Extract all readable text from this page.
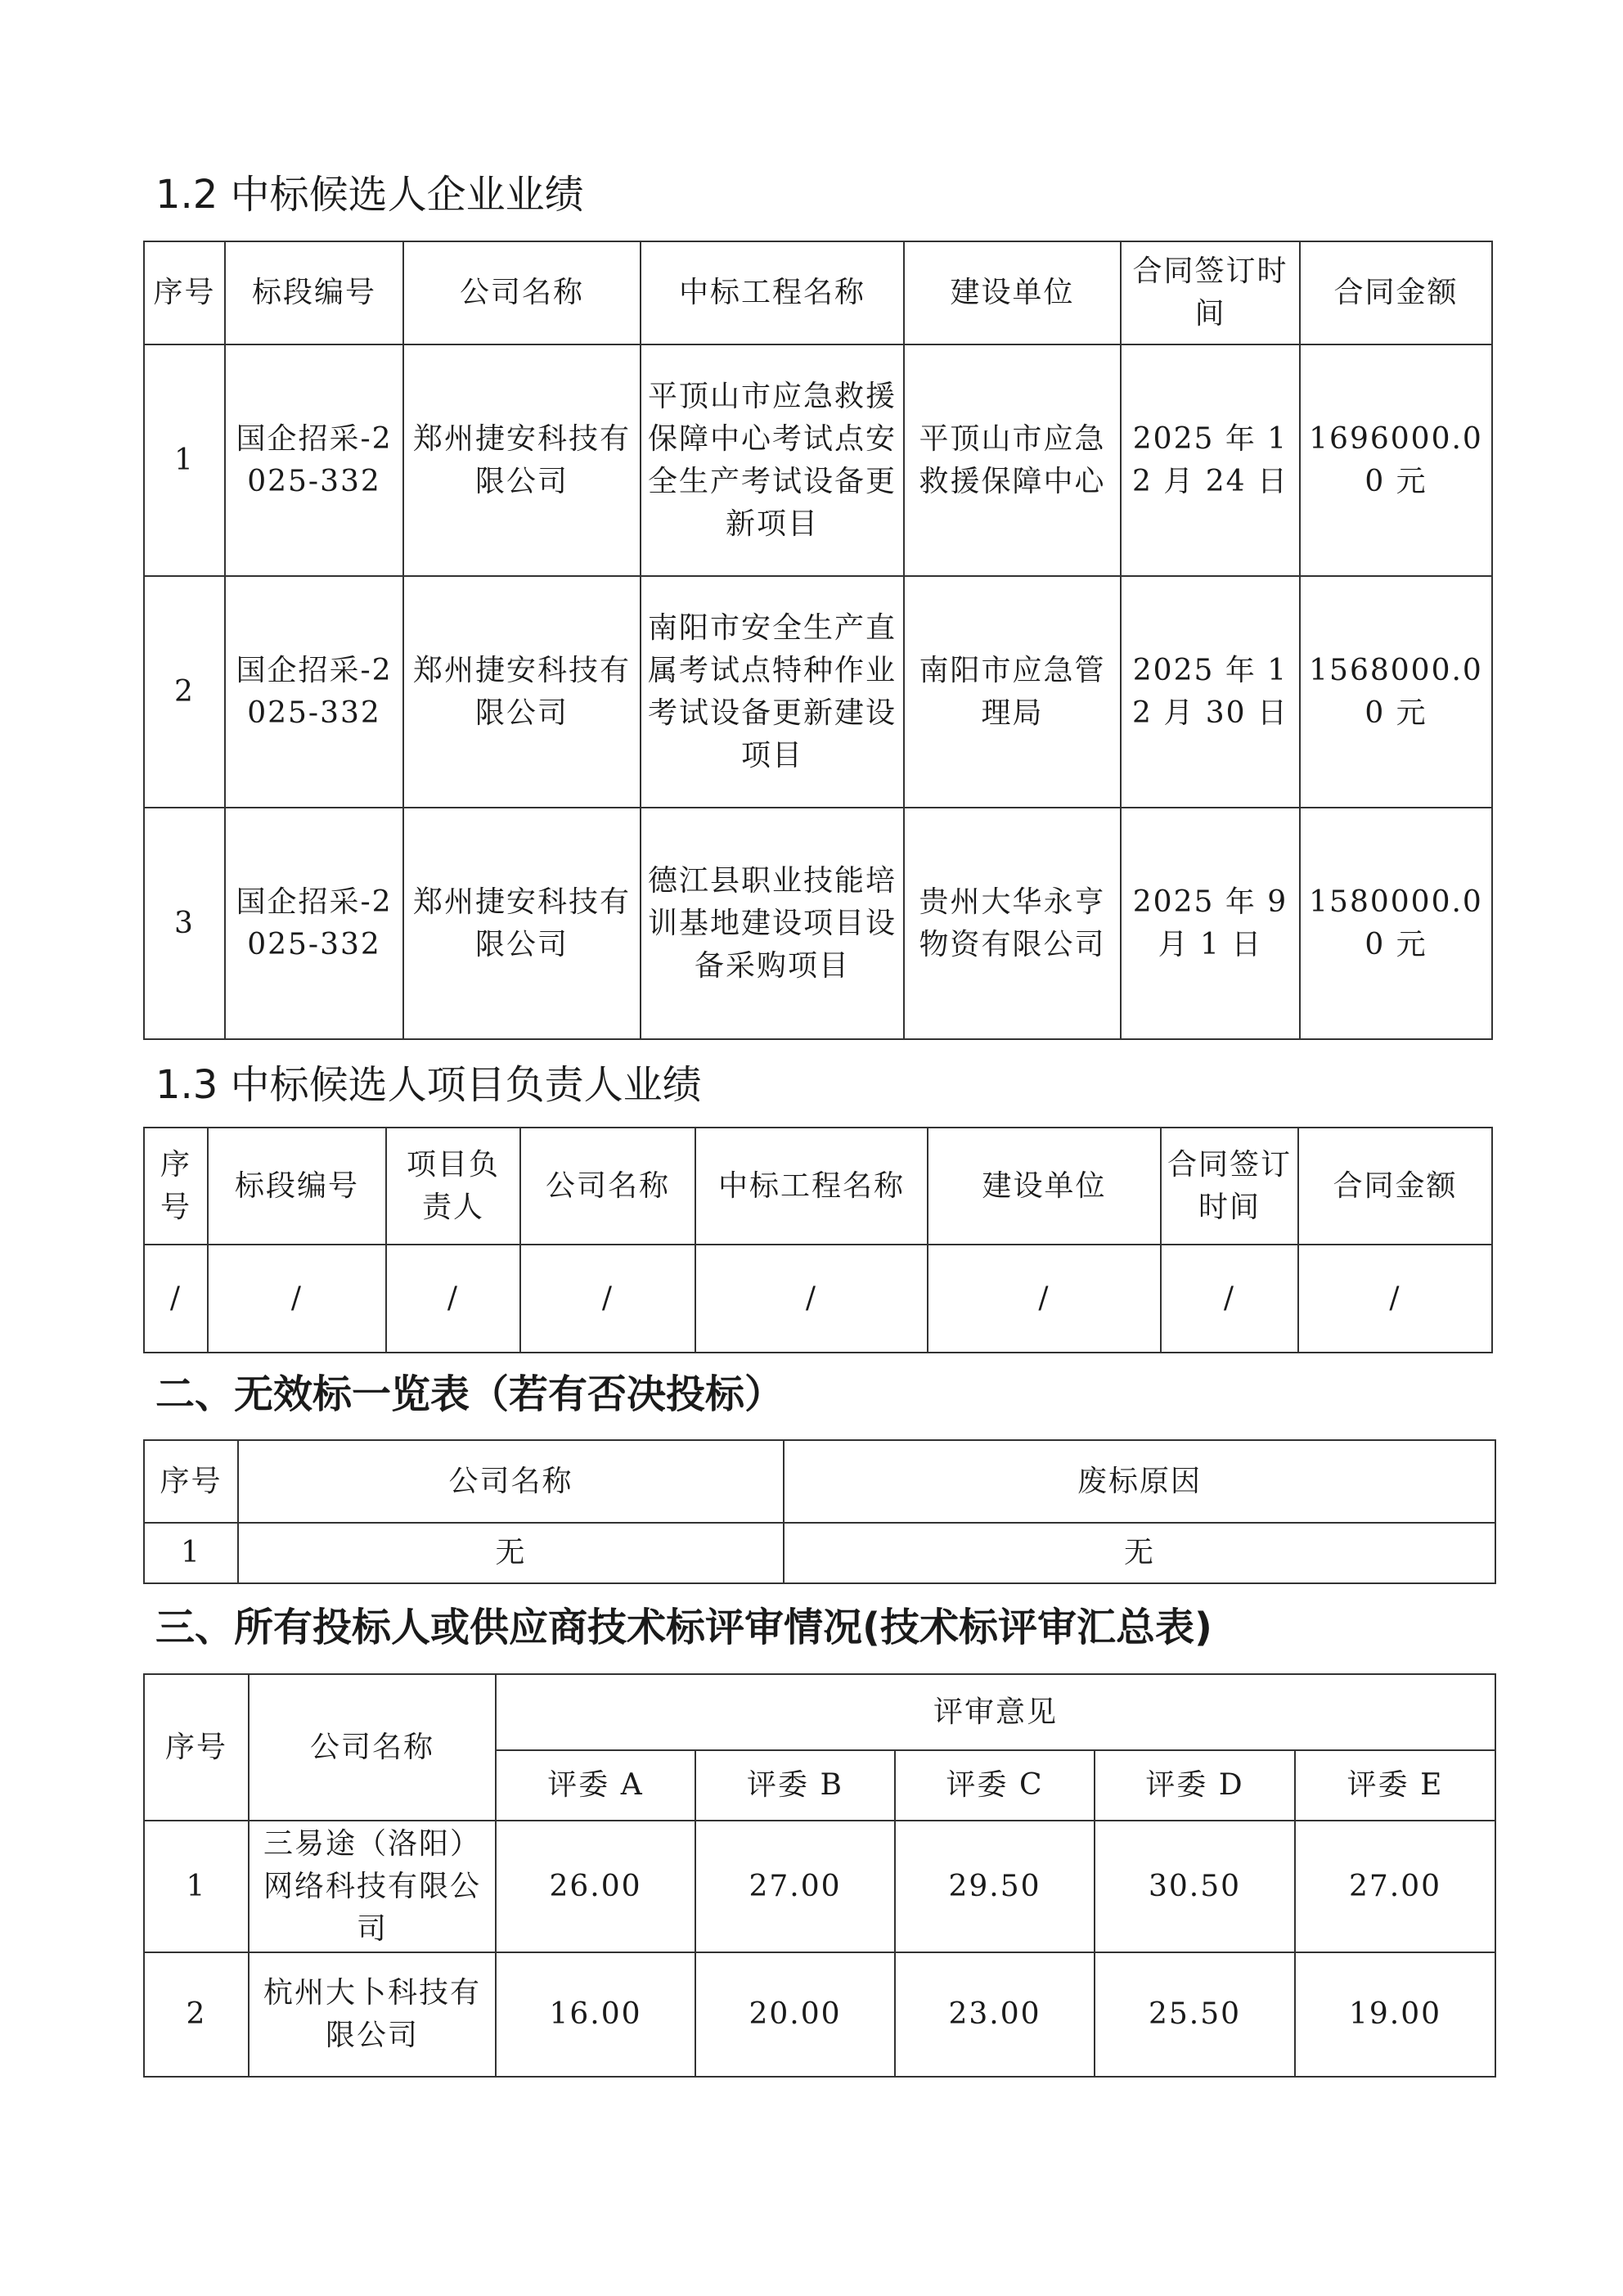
1.2 中标候选人企业业绩
序号	标段编号	公司名称	中标工程名称	建设单位	合同签订时间	合同金额
1	国企招采-2025-332	郑州捷安科技有限公司	平顶山市应急救援保障中心考试点安全生产考试设备更新项目	平顶山市应急救援保障中心	2025 年 12 月 24 日	1696000.00 元
2	国企招采-2025-332	郑州捷安科技有限公司	南阳市安全生产直属考试点特种作业考试设备更新建设项目	南阳市应急管理局	2025 年 12 月 30 日	1568000.00 元
3	国企招采-2025-332	郑州捷安科技有限公司	德江县职业技能培训基地建设项目设备采购项目	贵州大华永亨物资有限公司	2025 年 9 月 1 日	1580000.00 元
1.3 中标候选人项目负责人业绩
序号	标段编号	项目负责人	公司名称	中标工程名称	建设单位	合同签订时间	合同金额
/	/	/	/	/	/	/	/
二、无效标一览表（若有否决投标）
序号	公司名称	废标原因
1	无	无
三、所有投标人或供应商技术标评审情况(技术标评审汇总表)
序号	公司名称	评审意见				
		评委 A	评委 B	评委 C	评委 D	评委 E
1	三易途（洛阳）网络科技有限公司	26.00	27.00	29.50	30.50	27.00
2	杭州大卜科技有限公司	16.00	20.00	23.00	25.50	19.00
